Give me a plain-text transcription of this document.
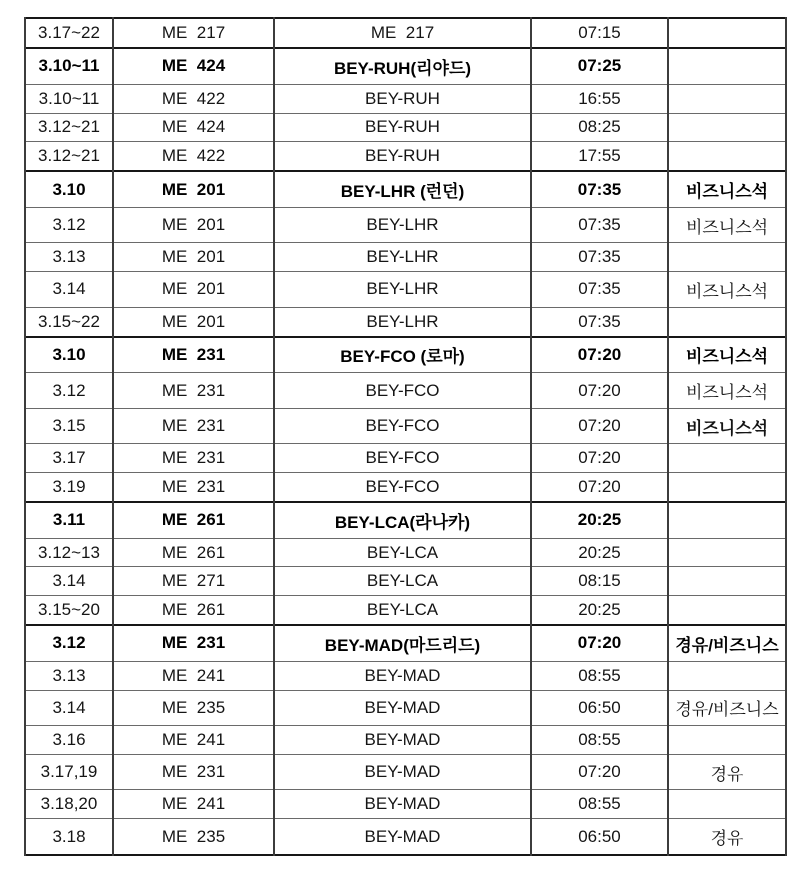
3.17~22	ME  217	ME  217	07:15	
3.10~11	ME  424	BEY-RUH(리야드)	07:25	
3.10~11	ME  422	BEY-RUH	16:55	
3.12~21	ME  424	BEY-RUH	08:25	
3.12~21	ME  422	BEY-RUH	17:55	
3.10	ME  201	BEY-LHR (런던)	07:35	비즈니스석
3.12	ME  201	BEY-LHR	07:35	비즈니스석
3.13	ME  201	BEY-LHR	07:35	
3.14	ME  201	BEY-LHR	07:35	비즈니스석
3.15~22	ME  201	BEY-LHR	07:35	
3.10	ME  231	BEY-FCO (로마)	07:20	비즈니스석
3.12	ME  231	BEY-FCO	07:20	비즈니스석
3.15	ME  231	BEY-FCO	07:20	비즈니스석
3.17	ME  231	BEY-FCO	07:20	
3.19	ME  231	BEY-FCO	07:20	
3.11	ME  261	BEY-LCA(라나카)	20:25	
3.12~13	ME  261	BEY-LCA	20:25	
3.14	ME  271	BEY-LCA	08:15	
3.15~20	ME  261	BEY-LCA	20:25	
3.12	ME  231	BEY-MAD(마드리드)	07:20	경유/비즈니스
3.13	ME  241	BEY-MAD	08:55	
3.14	ME  235	BEY-MAD	06:50	경유/비즈니스
3.16	ME  241	BEY-MAD	08:55	
3.17,19	ME  231	BEY-MAD	07:20	경유
3.18,20	ME  241	BEY-MAD	08:55	
3.18	ME  235	BEY-MAD	06:50	경유
